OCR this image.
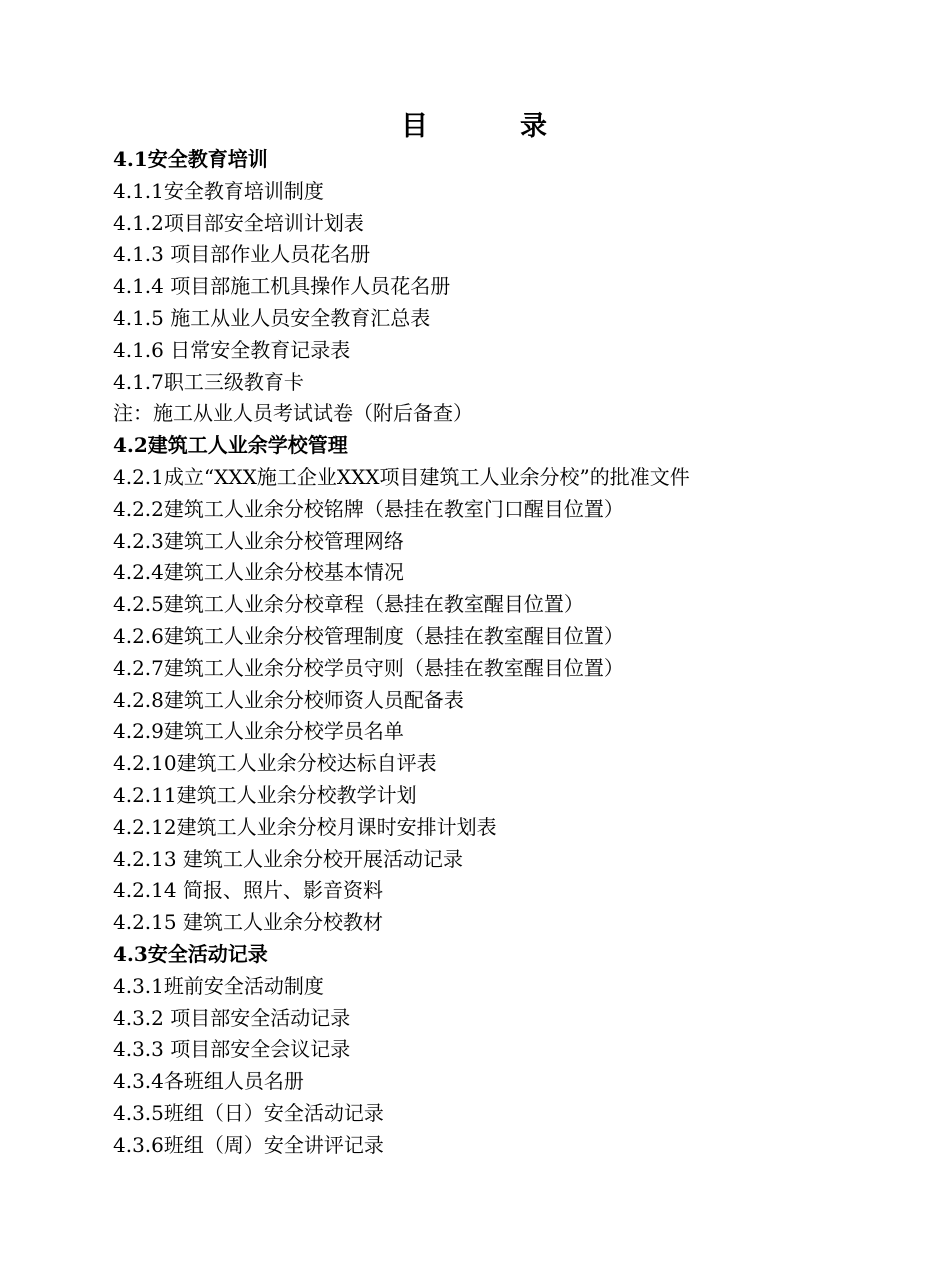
目	录
4.1安全教育培训
4.1.1安全教育培训制度
4.1.2项目部安全培训计划表
4.1.3 项目部作业人员花名册
4.1.4 项目部施工机具操作人员花名册
4.1.5 施工从业人员安全教育汇总表
4.1.6 日常安全教育记录表
4.1.7职工三级教育卡
注：施工从业人员考试试卷（附后备查）
4.2建筑工人业余学校管理
4.2.1成立“XXX施工企业XXX项目建筑工人业余分校”的批准文件
4.2.2建筑工人业余分校铭牌（悬挂在教室门口醒目位置）
4.2.3建筑工人业余分校管理网络
4.2.4建筑工人业余分校基本情况
4.2.5建筑工人业余分校章程（悬挂在教室醒目位置）
4.2.6建筑工人业余分校管理制度（悬挂在教室醒目位置）
4.2.7建筑工人业余分校学员守则（悬挂在教室醒目位置）
4.2.8建筑工人业余分校师资人员配备表
4.2.9建筑工人业余分校学员名单
4.2.10建筑工人业余分校达标自评表
4.2.11建筑工人业余分校教学计划
4.2.12建筑工人业余分校月课时安排计划表
4.2.13 建筑工人业余分校开展活动记录
4.2.14 简报、照片、影音资料
4.2.15 建筑工人业余分校教材
4.3安全活动记录
4.3.1班前安全活动制度
4.3.2 项目部安全活动记录
4.3.3 项目部安全会议记录
4.3.4各班组人员名册
4.3.5班组（日）安全活动记录
4.3.6班组（周）安全讲评记录
